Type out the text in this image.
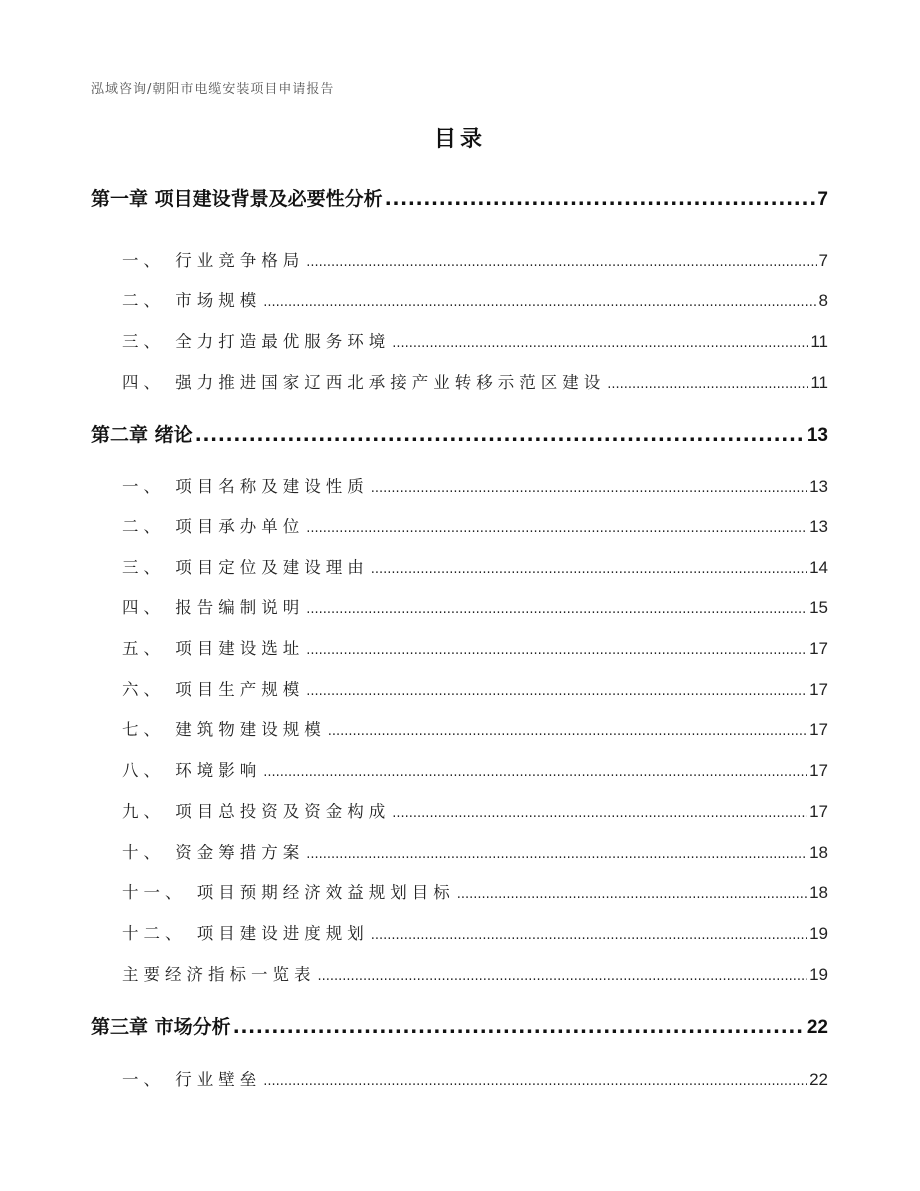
泓域咨询/朝阳市电缆安装项目申请报告
目录
第一章 项目建设背景及必要性分析 .....	7
一、 行业竞争格局 .....	7
二、 市场规模 .....	8
三、 全力打造最优服务环境 .....	11
四、 强力推进国家辽西北承接产业转移示范区建设 .....	11
第二章 绪论 .....	13
一、 项目名称及建设性质 .....	13
二、 项目承办单位 .....	13
三、 项目定位及建设理由 .....	14
四、 报告编制说明 .....	15
五、 项目建设选址 .....	17
六、 项目生产规模 .....	17
七、 建筑物建设规模 .....	17
八、 环境影响 .....	17
九、 项目总投资及资金构成 .....	17
十、 资金筹措方案 .....	18
十一、 项目预期经济效益规划目标 .....	18
十二、 项目建设进度规划 .....	19
主要经济指标一览表 .....	19
第三章 市场分析 .....	22
一、 行业壁垒 .....	22
